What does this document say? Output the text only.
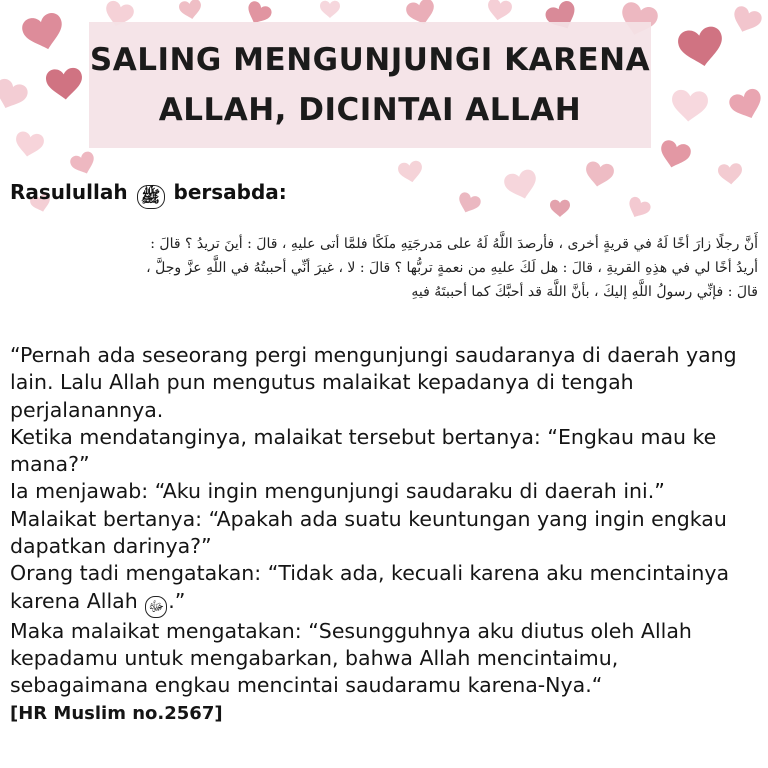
SALING MENGUNJUNGI KARENA
ALLAH, DICINTAI ALLAH
Rasulullah ﷺ bersabda:

أَنَّ رجلًا زارَ أخًا لَهُ في قريةٍ أخرى ، فأرصدَ اللَّهُ لَهُ على مَدرجَتِهِ ملَكًا فلمَّا أتى عليهِ ، قالَ : أينَ تريدُ ؟ قالَ :

أريدُ أخًا لي في هذِهِ القريةِ ، قالَ : هل لَكَ عليهِ من نعمةٍ تربُّها ؟ قالَ : لا ، غيرَ أنِّي أحببتُهُ في اللَّهِ عزَّ وجلَّ ،

قالَ : فإنِّي رسولُ اللَّهِ إليكَ ، بأنَّ اللَّهَ قد أحبَّكَ كما أحببتَهُ فيهِ

“Pernah ada seseorang pergi mengunjungi saudaranya di daerah yang lain. Lalu Allah pun mengutus malaikat kepadanya di tengah perjalanannya.

Ketika mendatanginya, malaikat tersebut bertanya: “Engkau mau ke mana?”

Ia menjawab: “Aku ingin mengunjungi saudaraku di daerah ini.”

Malaikat bertanya: “Apakah ada suatu keuntungan yang ingin engkau dapatkan darinya?”

Orang tadi mengatakan: “Tidak ada, kecuali karena aku mencintainya karena Allah ﷻ .”

Maka malaikat mengatakan: “Sesungguhnya aku diutus oleh Allah kepadamu untuk mengabarkan, bahwa Allah mencintaimu, sebagaimana engkau mencintai saudaramu karena-Nya.“

[HR Muslim no.2567]
